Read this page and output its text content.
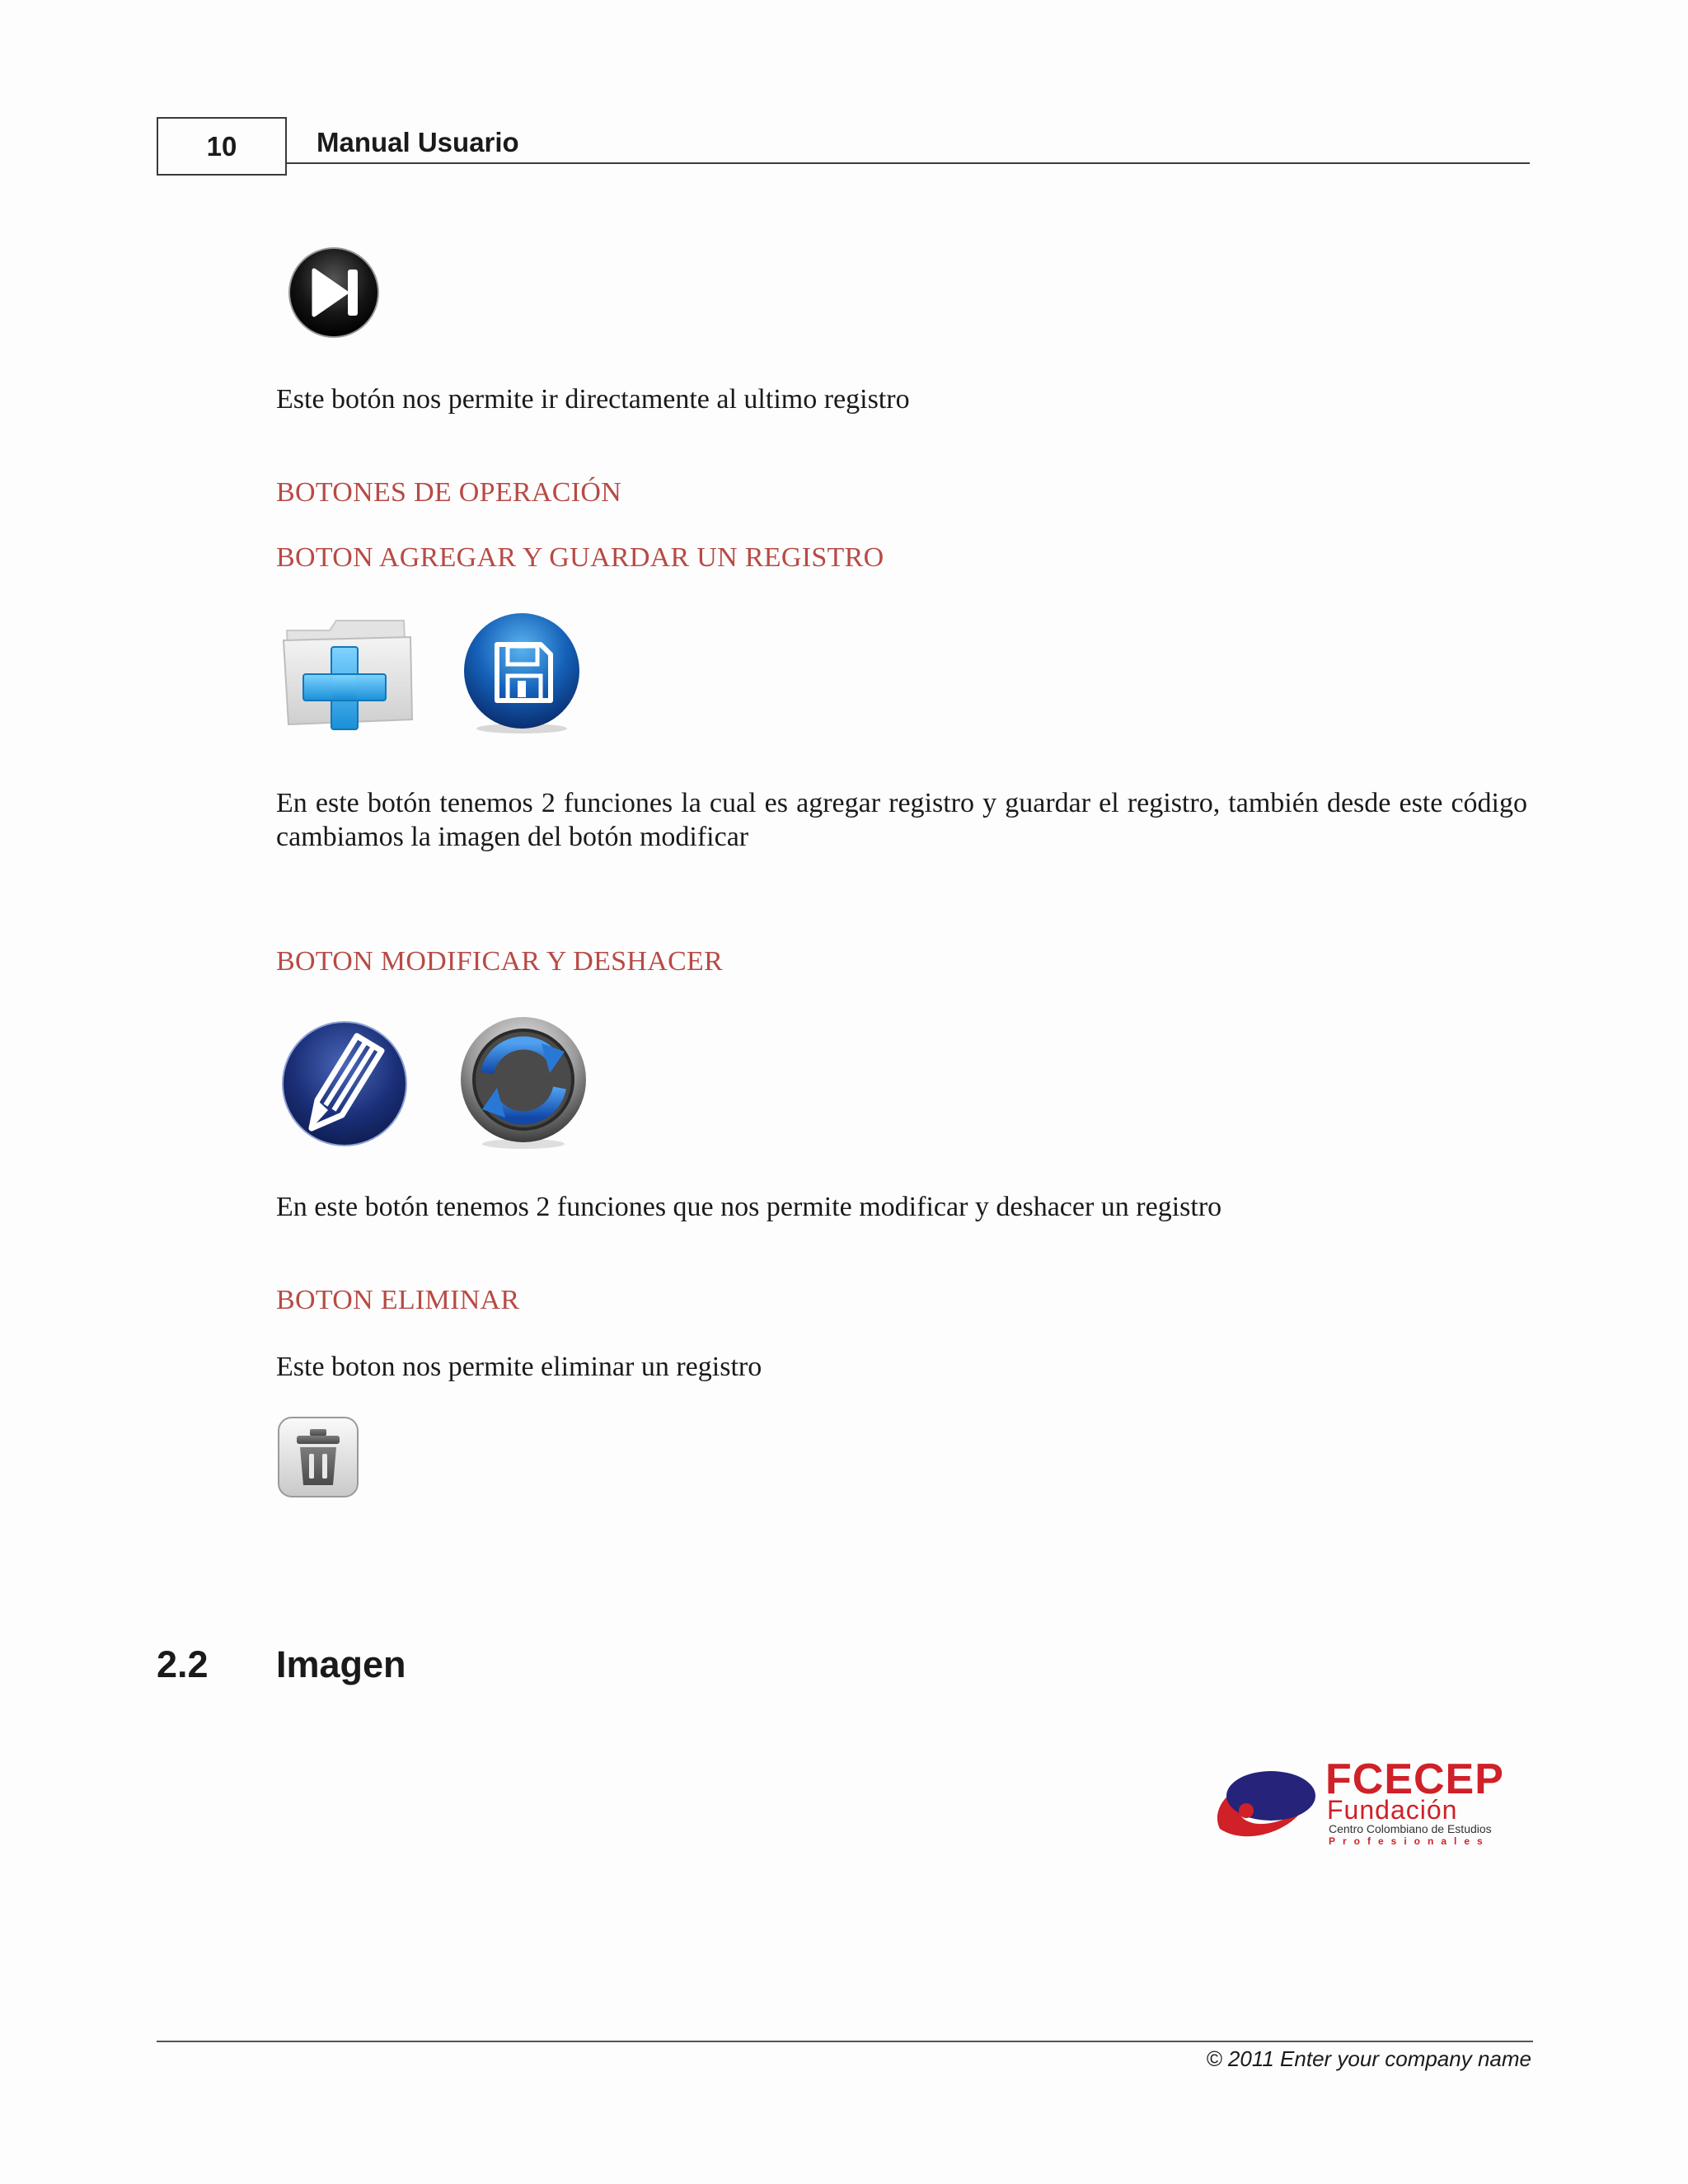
10	Manual Usuario
Este botón nos permite ir directamente al ultimo registro
BOTONES DE OPERACIÓN
BOTON AGREGAR Y GUARDAR UN REGISTRO
En este botón tenemos 2 funciones la cual es agregar registro y guardar el registro, también desde este código cambiamos la imagen del botón modificar
BOTON MODIFICAR Y DESHACER
En este botón tenemos 2 funciones que nos permite modificar y deshacer un registro
BOTON ELIMINAR
Este boton nos permite eliminar un registro
2.2 Imagen
FCECEP
Fundación
Centro Colombiano de Estudios
Profesionales
© 2011 Enter your company name
